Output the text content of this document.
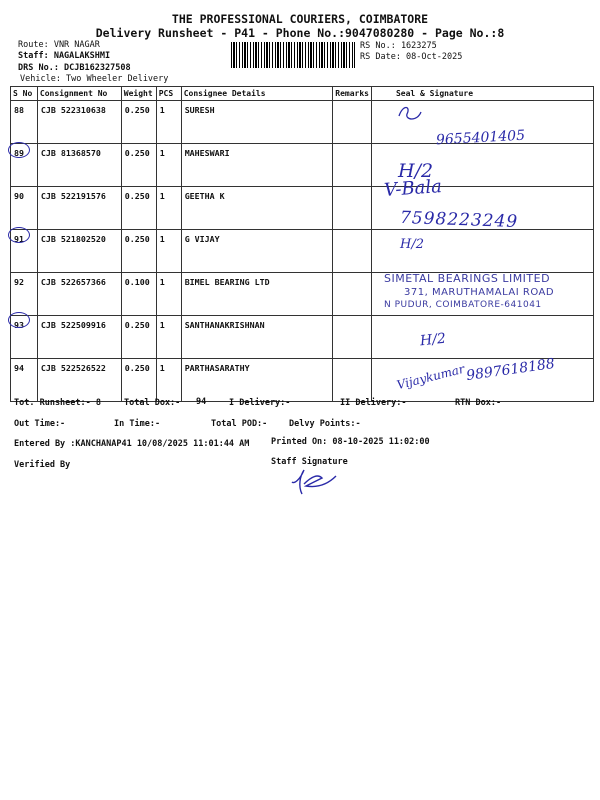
THE PROFESSIONAL COURIERS, COIMBATORE
Delivery Runsheet - P41 - Phone No.:9047080280 - Page No.:8
Route: VNR NAGAR
Staff: NAGALAKSHMI
DRS No.: DCJB162327508
Vehicle: Two Wheeler Delivery
RS No.: 1623275
RS Date: 08-Oct-2025
S No	Consignment No	Weight	PCS	Consignee Details	Remarks	Seal & Signature
88	CJB 522310638	0.250	1	SURESH		
89	CJB 81368570	0.250	1	MAHESWARI		
90	CJB 522191576	0.250	1	GEETHA K		
91	CJB 521802520	0.250	1	G VIJAY		
92	CJB 522657366	0.100	1	BIMEL BEARING LTD		
93	CJB 522509916	0.250	1	SANTHANAKRISHNAN		
94	CJB 522526522	0.250	1	PARTHASARATHY		
9655401405
H/2
V-Bala
7598223249
H/2
SIMETAL BEARINGS LIMITED
371, MARUTHAMALAI ROAD
N PUDUR, COIMBATORE-641041
H/2
Vijaykumar 9897618188
Tot. Runsheet:- 8	Total Dox:- 94	I Delivery:-	II Delivery:-	RTN Dox:-
Out Time:-	In Time:-	Total POD:-	Delvy Points:-
Entered By :KANCHANAP41 10/08/2025 11:01:44 AM	Printed On: 08-10-2025 11:02:00
Verified By	Staff Signature
